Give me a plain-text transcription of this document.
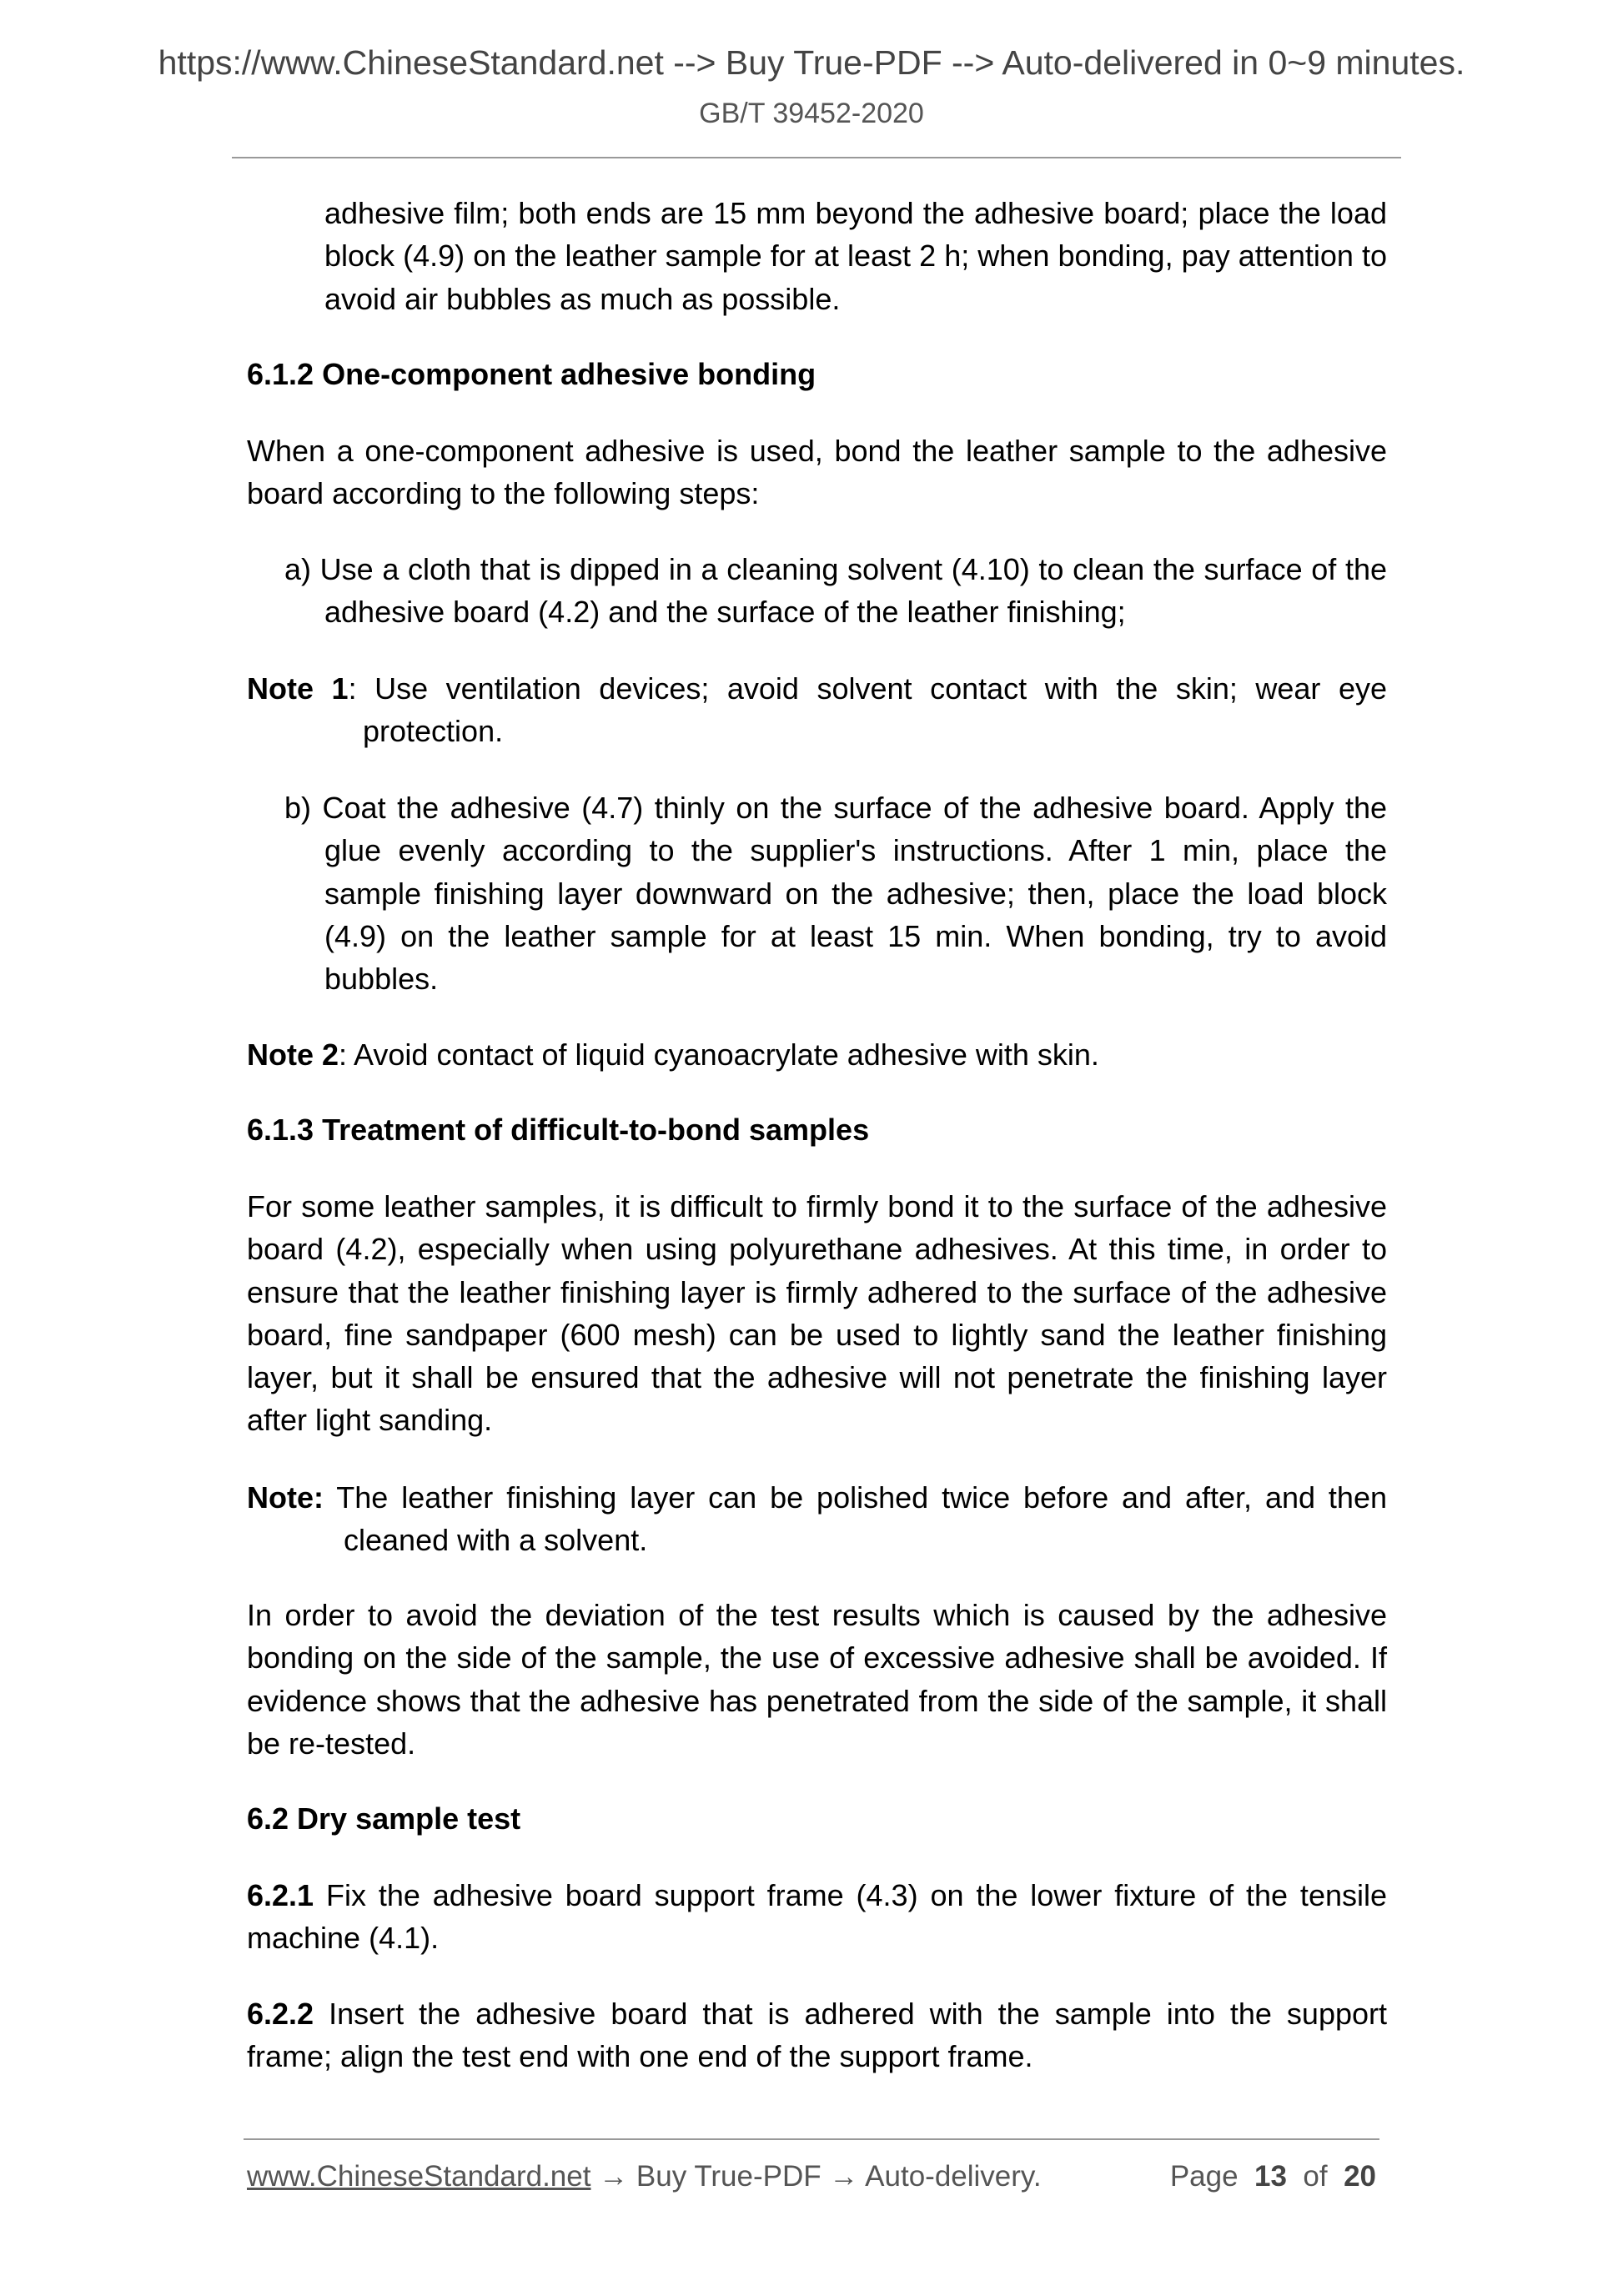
https://www.ChineseStandard.net --> Buy True-PDF --> Auto-delivered in 0~9 minutes.
GB/T 39452-2020
adhesive film; both ends are 15 mm beyond the adhesive board; place the load block (4.9) on the leather sample for at least 2 h; when bonding, pay attention to avoid air bubbles as much as possible.
6.1.2 One-component adhesive bonding
When a one-component adhesive is used, bond the leather sample to the adhesive board according to the following steps:
a) Use a cloth that is dipped in a cleaning solvent (4.10) to clean the surface of the adhesive board (4.2) and the surface of the leather finishing;
Note 1: Use ventilation devices; avoid solvent contact with the skin; wear eye protection.
b) Coat the adhesive (4.7) thinly on the surface of the adhesive board. Apply the glue evenly according to the supplier's instructions. After 1 min, place the sample finishing layer downward on the adhesive; then, place the load block (4.9) on the leather sample for at least 15 min. When bonding, try to avoid bubbles.
Note 2: Avoid contact of liquid cyanoacrylate adhesive with skin.
6.1.3 Treatment of difficult-to-bond samples
For some leather samples, it is difficult to firmly bond it to the surface of the adhesive board (4.2), especially when using polyurethane adhesives. At this time, in order to ensure that the leather finishing layer is firmly adhered to the surface of the adhesive board, fine sandpaper (600 mesh) can be used to lightly sand the leather finishing layer, but it shall be ensured that the adhesive will not penetrate the finishing layer after light sanding.
Note: The leather finishing layer can be polished twice before and after, and then cleaned with a solvent.
In order to avoid the deviation of the test results which is caused by the adhesive bonding on the side of the sample, the use of excessive adhesive shall be avoided. If evidence shows that the adhesive has penetrated from the side of the sample, it shall be re-tested.
6.2 Dry sample test
6.2.1 Fix the adhesive board support frame (4.3) on the lower fixture of the tensile machine (4.1).
6.2.2 Insert the adhesive board that is adhered with the sample into the support frame; align the test end with one end of the support frame.
www.ChineseStandard.net → Buy True-PDF → Auto-delivery.	Page 13 of 20
